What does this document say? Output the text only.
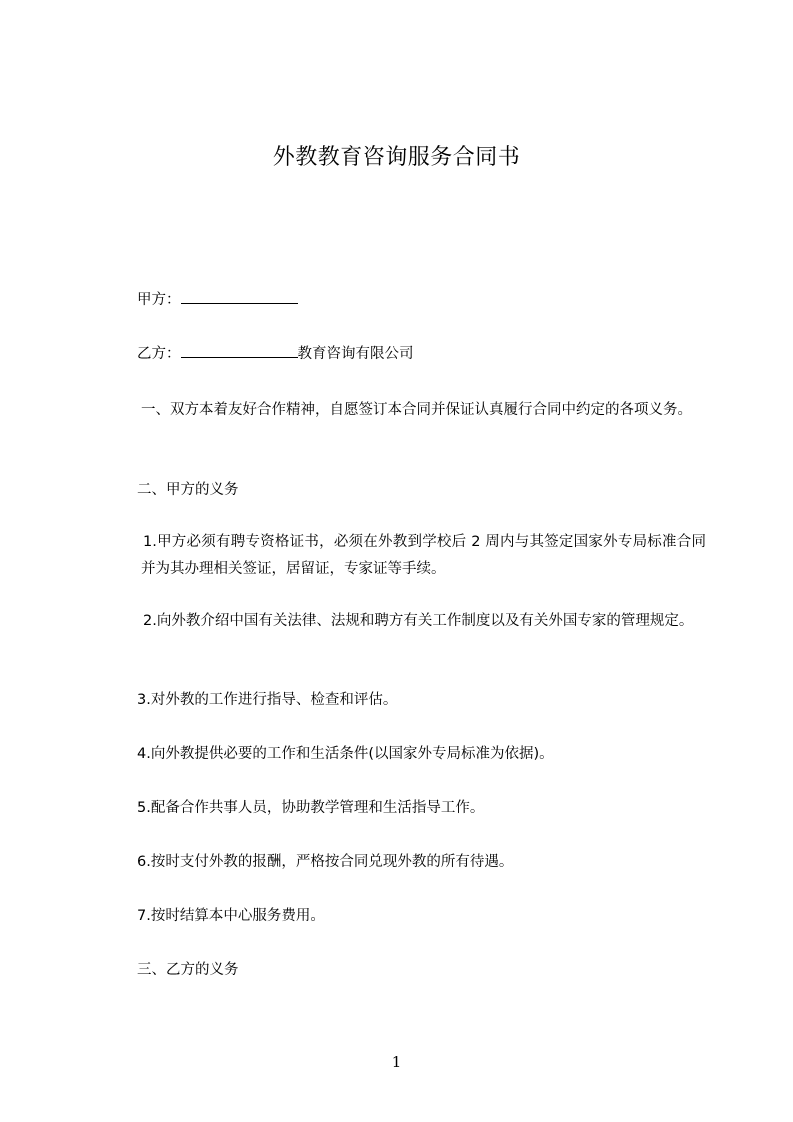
外教教育咨询服务合同书
甲方：
乙方：	教育咨询有限公司
一、双方本着友好合作精神，自愿签订本合同并保证认真履行合同中约定的各项义务。
二、甲方的义务
1.甲方必须有聘专资格证书，必须在外教到学校后 2 周内与其签定国家外专局标准合同并为其办理相关签证，居留证，专家证等手续。
2.向外教介绍中国有关法律、法规和聘方有关工作制度以及有关外国专家的管理规定。
3.对外教的工作进行指导、检查和评估。
4.向外教提供必要的工作和生活条件(以国家外专局标准为依据)。
5.配备合作共事人员，协助教学管理和生活指导工作。
6.按时支付外教的报酬，严格按合同兑现外教的所有待遇。
7.按时结算本中心服务费用。
三、乙方的义务
1
